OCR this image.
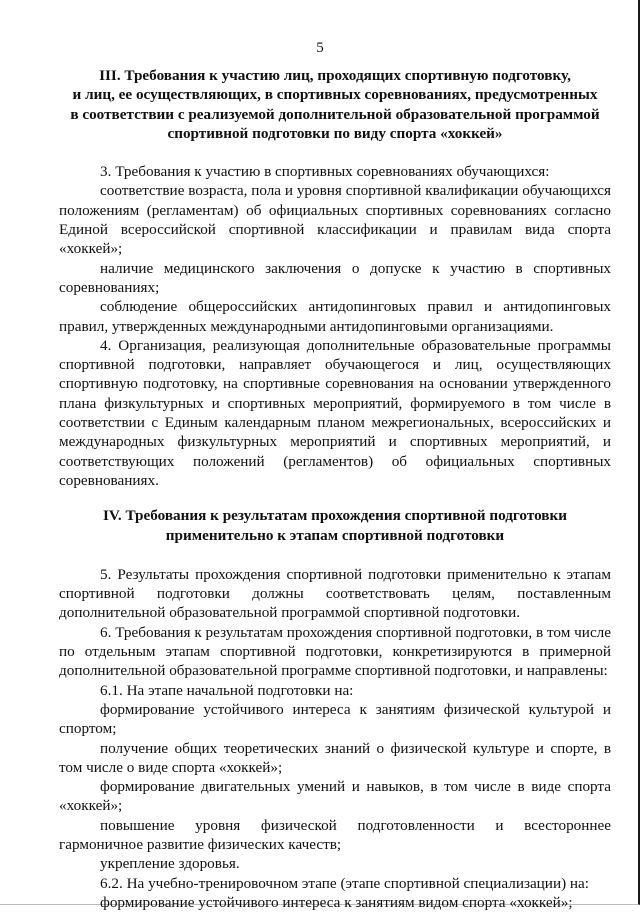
5
III. Требования к участию лиц, проходящих спортивную подготовку,
и лиц, ее осуществляющих, в спортивных соревнованиях, предусмотренных
в соответствии с реализуемой дополнительной образовательной программой
спортивной подготовки по виду спорта «хоккей»

3. Требования к участию в спортивных соревнованиях обучающихся:

соответствие возраста, пола и уровня спортивной квалификации обучающихся положениям (регламентам) об официальных спортивных соревнованиях согласно Единой всероссийской спортивной классификации и правилам вида спорта «хоккей»;

наличие медицинского заключения о допуске к участию в спортивных соревнованиях;

соблюдение общероссийских антидопинговых правил и антидопинговых правил, утвержденных международными антидопинговыми организациями.

4. Организация, реализующая дополнительные образовательные программы спортивной подготовки, направляет обучающегося и лиц, осуществляющих спортивную подготовку, на спортивные соревнования на основании утвержденного плана физкультурных и спортивных мероприятий, формируемого в том числе в соответствии с Единым календарным планом межрегиональных, всероссийских и международных физкультурных мероприятий и спортивных мероприятий, и соответствующих положений (регламентов) об официальных спортивных соревнованиях.

IV. Требования к результатам прохождения спортивной подготовки
применительно к этапам спортивной подготовки

5. Результаты прохождения спортивной подготовки применительно к этапам спортивной подготовки должны соответствовать целям, поставленным дополнительной образовательной программой спортивной подготовки.

6. Требования к результатам прохождения спортивной подготовки, в том числе по отдельным этапам спортивной подготовки, конкретизируются в примерной дополнительной образовательной программе спортивной подготовки, и направлены:

6.1. На этапе начальной подготовки на:

формирование устойчивого интереса к занятиям физической культурой и спортом;

получение общих теоретических знаний о физической культуре и спорте, в том числе о виде спорта «хоккей»;

формирование двигательных умений и навыков, в том числе в виде спорта «хоккей»;

повышение уровня физической подготовленности и всестороннее гармоничное развитие физических качеств;

укрепление здоровья.

6.2. На учебно-тренировочном этапе (этапе спортивной специализации) на:

формирование устойчивого интереса к занятиям видом спорта «хоккей»;
